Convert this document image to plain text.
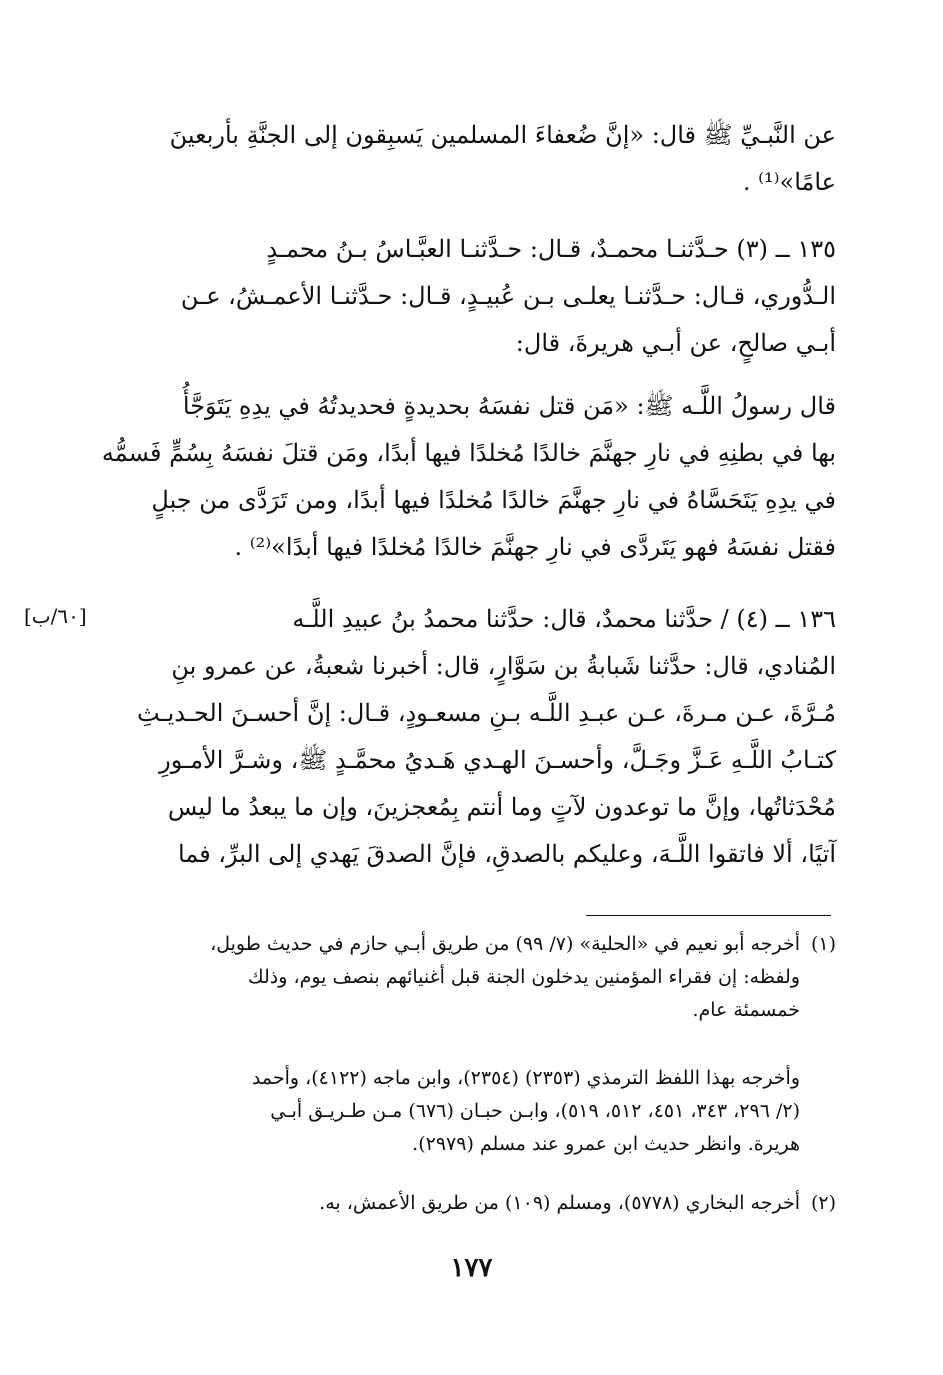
عن النَّبـيِّ ﷺ قال: «إنَّ ضُعفاءَ المسلمين يَسبِقون إلى الجنَّةِ بأربعينَ
عامًا»⁽¹⁾ .
١٣٥ ــ (٣) حـدَّثنـا محمـدٌ، قـال: حـدَّثنـا العبَّـاسُ بـنُ محمـدٍ
الـدُّوري، قـال: حـدَّثنـا يعلـى بـن عُبيـدٍ، قـال: حـدَّثنـا الأعمـشُ، عـن
أبـي صالحٍ، عن أبـي هريرةَ، قال:
قال رسولُ اللَّـه ﷺ: «مَن قتل نفسَهُ بحديدةٍ فحديدتُهُ في يدِهِ يَتَوَجَّأُ
بها في بطنِهِ في نارِ جهنَّمَ خالدًا مُخلدًا فيها أبدًا، ومَن قتلَ نفسَهُ بِسُمٍّ فَسمُّه
في يدِهِ يَتَحَسَّاهُ في نارِ جهنَّمَ خالدًا مُخلدًا فيها أبدًا، ومن تَرَدَّى من جبلٍ
فقتل نفسَهُ فهو يَتَردَّى في نارِ جهنَّمَ خالدًا مُخلدًا فيها أبدًا»⁽²⁾ .
[٦٠/ب]	١٣٦ ــ (٤) / حدَّثنا محمدٌ، قال: حدَّثنا محمدُ بنُ عبيدِ اللَّـه
المُنادي، قال: حدَّثنا شَبابةُ بن سَوَّارٍ، قال: أخبرنا شعبةُ، عن عمرو بنِ
مُـرَّةَ، عـن مـرةَ، عـن عبـدِ اللَّـه بـنِ مسعـودٍ، قـال: إنَّ أحسـنَ الحـديـثِ
كتـابُ اللَّـهِ عَـزَّ وجَـلَّ، وأحسـنَ الهـدي هَـديُ محمَّـدٍ ﷺ، وشـرَّ الأمـورِ
مُحْدَثاتُها، وإنَّ ما توعدون لآتٍ وما أنتم بِمُعجزينَ، وإن ما يبعدُ ما ليس
آتيًا، ألا فاتقوا اللَّـهَ، وعليكم بالصدقِ، فإنَّ الصدقَ يَهدي إلى البرِّ، فما
(١)أخرجه أبو نعيم في «الحلية» (٧/ ٩٩) من طريق أبـي حازم في حديث طويل،
ولفظه: إن فقراء المؤمنين يدخلون الجنة قبل أغنيائهم بنصف يوم، وذلك
خمسمئة عام.
وأخرجه بهذا اللفظ الترمذي (٢٣٥٣) (٢٣٥٤)، وابن ماجه (٤١٢٢)، وأحمد
(٢/ ٢٩٦، ٣٤٣، ٤٥١، ٥١٢، ٥١٩)، وابـن حبـان (٦٧٦) مـن طـريـق أبـي
هريرة. وانظر حديث ابن عمرو عند مسلم (٢٩٧٩).
(٢)أخرجه البخاري (٥٧٧٨)، ومسلم (١٠٩) من طريق الأعمش، به.
١٧٧
